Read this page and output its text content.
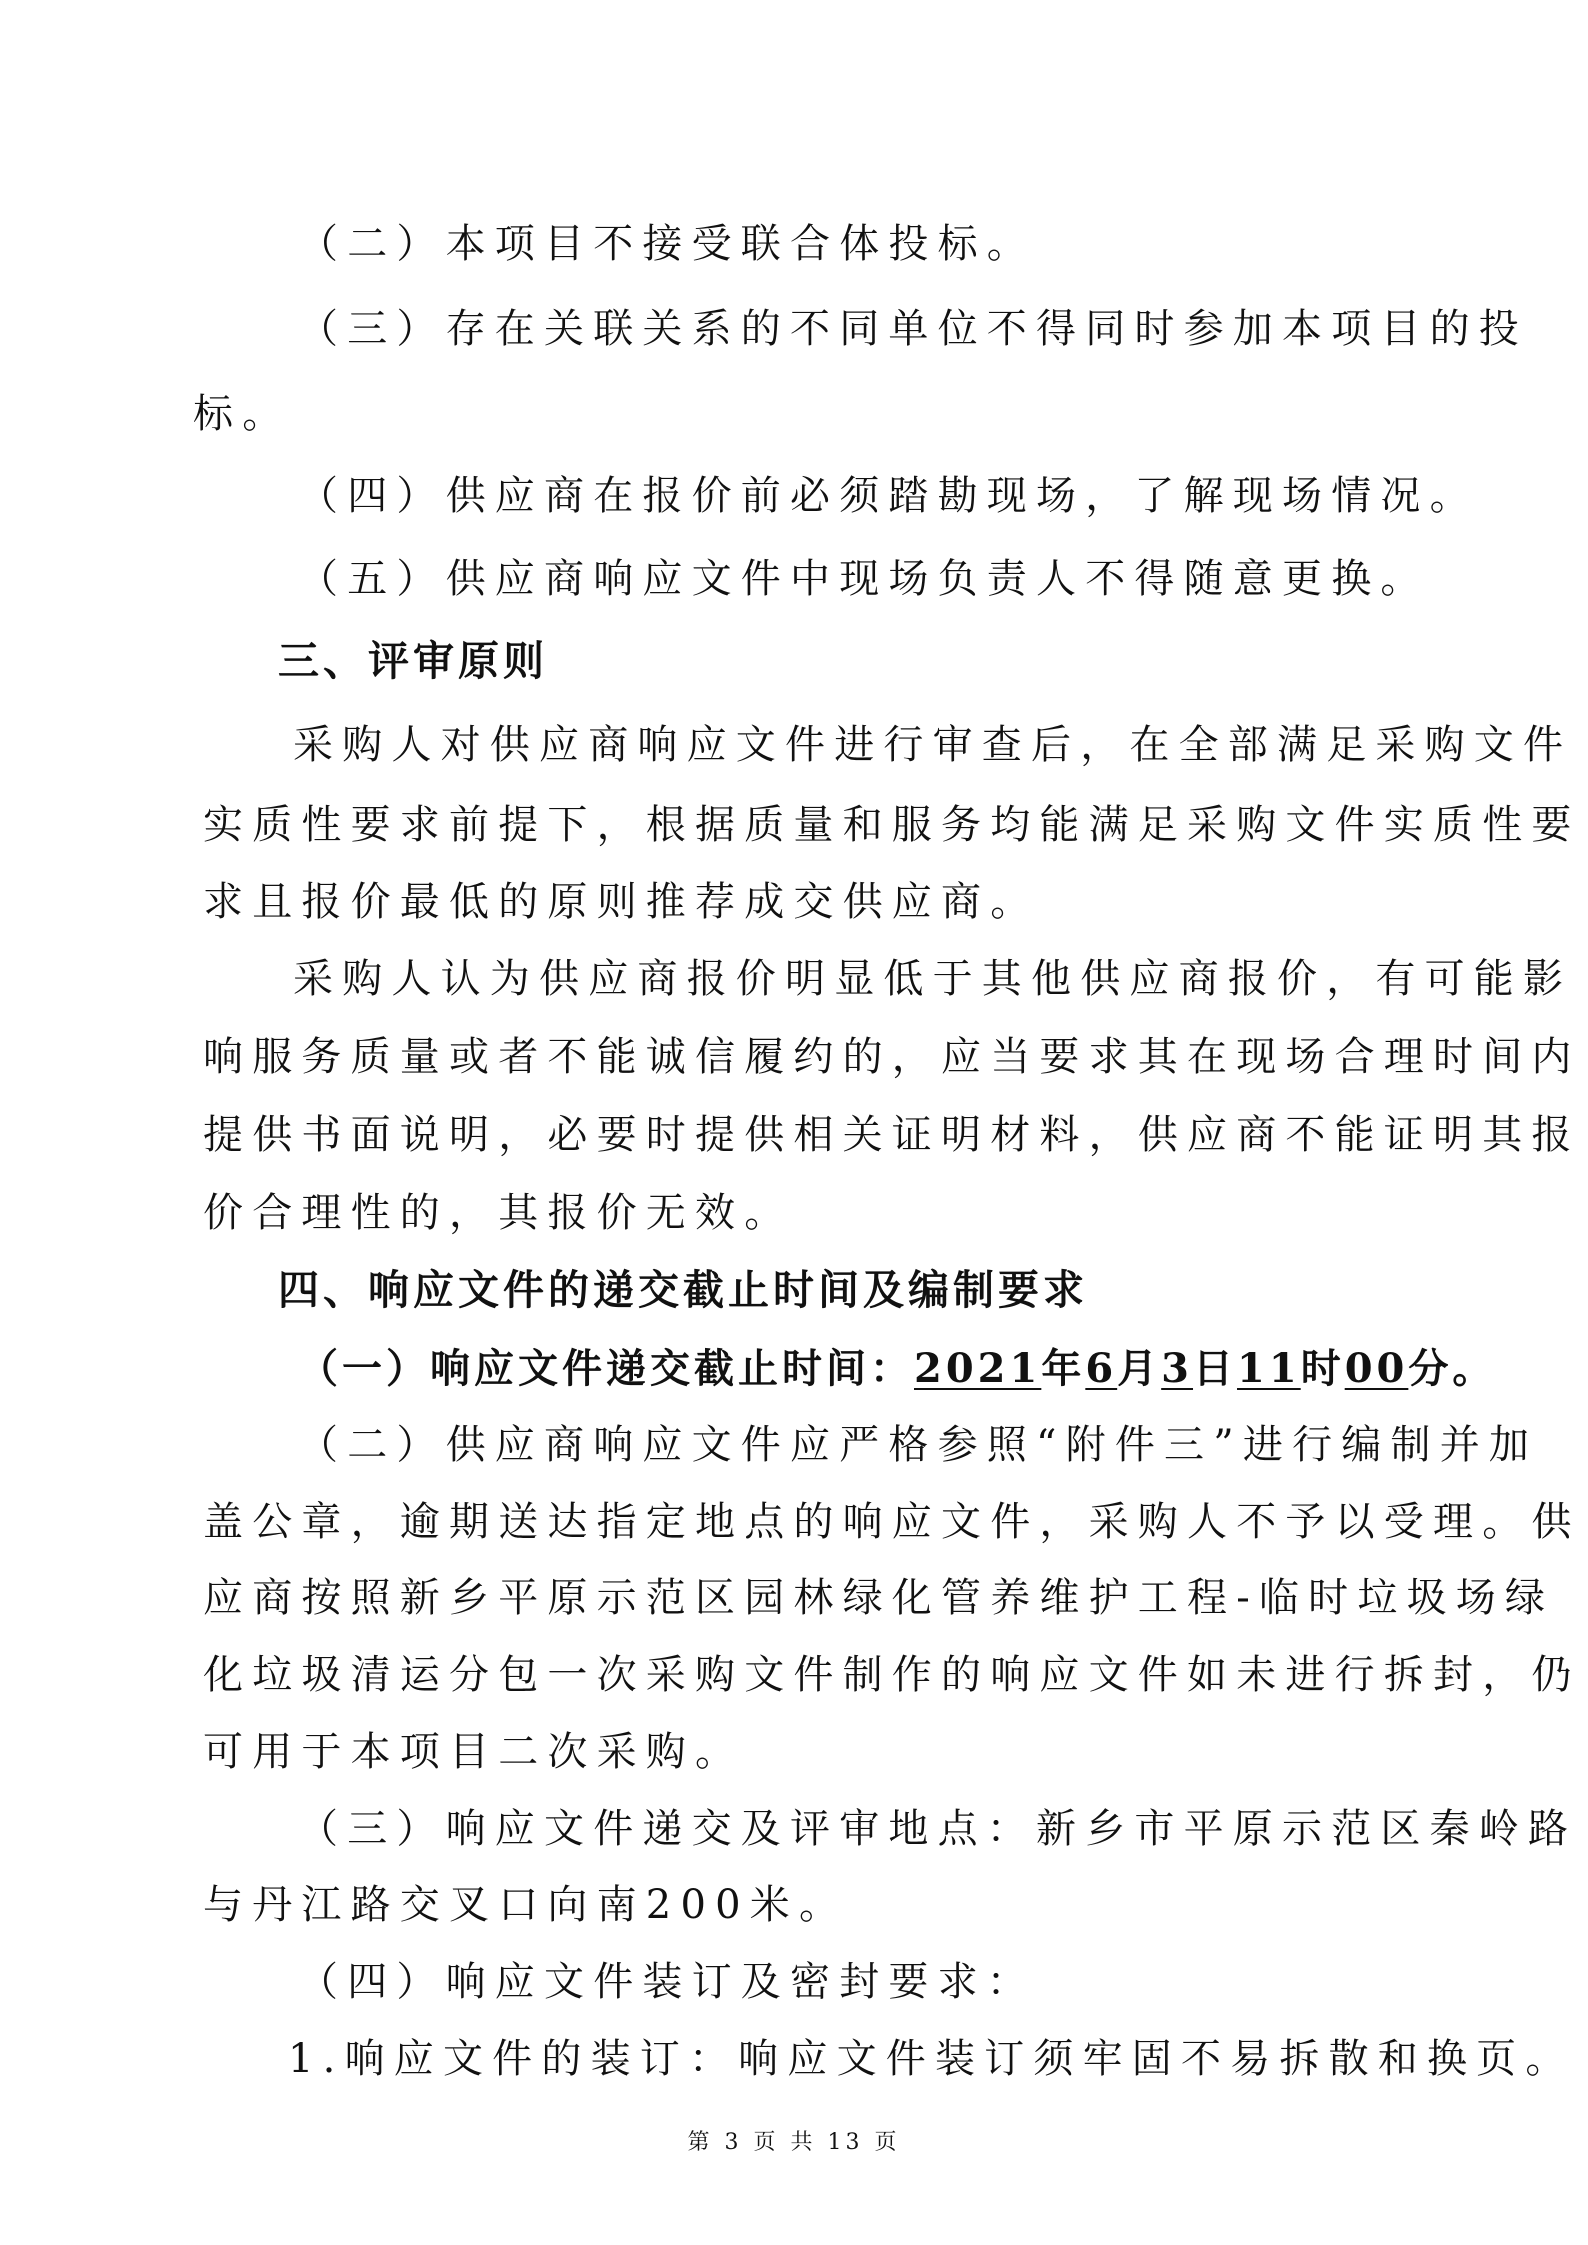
（二）本项目不接受联合体投标。
（三）存在关联关系的不同单位不得同时参加本项目的投
标。
（四）供应商在报价前必须踏勘现场，了解现场情况。
（五）供应商响应文件中现场负责人不得随意更换。
三、评审原则
采购人对供应商响应文件进行审查后，在全部满足采购文件
实质性要求前提下，根据质量和服务均能满足采购文件实质性要
求且报价最低的原则推荐成交供应商。
采购人认为供应商报价明显低于其他供应商报价，有可能影
响服务质量或者不能诚信履约的，应当要求其在现场合理时间内
提供书面说明，必要时提供相关证明材料，供应商不能证明其报
价合理性的，其报价无效。
四、响应文件的递交截止时间及编制要求
（一）响应文件递交截止时间：2021年6月3日11时00分。
（二）供应商响应文件应严格参照“附件三”进行编制并加
盖公章，逾期送达指定地点的响应文件，采购人不予以受理。供
应商按照新乡平原示范区园林绿化管养维护工程-临时垃圾场绿
化垃圾清运分包一次采购文件制作的响应文件如未进行拆封，仍
可用于本项目二次采购。
（三）响应文件递交及评审地点：新乡市平原示范区秦岭路
与丹江路交叉口向南200米。
（四）响应文件装订及密封要求：
1.响应文件的装订：响应文件装订须牢固不易拆散和换页。
第 3 页 共 13 页
